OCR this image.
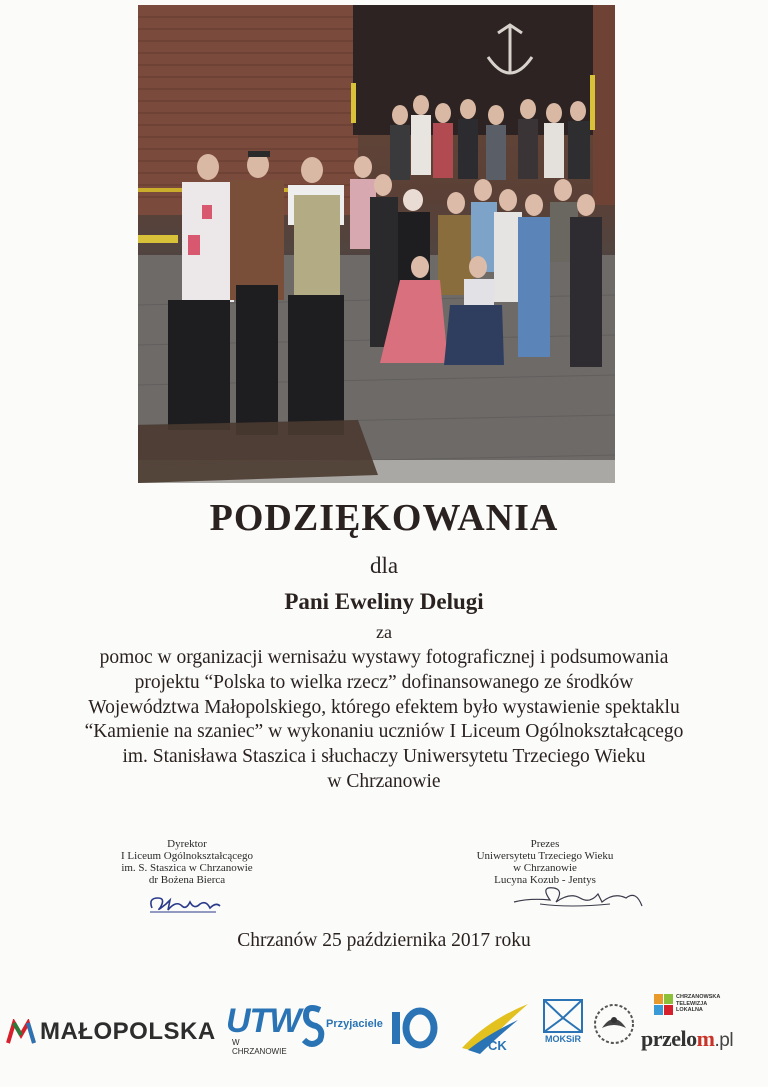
PODZIĘKOWANIA
dla
Pani Eweliny Delugi
za
pomoc w organizacji wernisażu wystawy fotograficznej i podsumowania
projektu “Polska to wielka rzecz” dofinansowanego ze środków
Województwa Małopolskiego, którego efektem było wystawienie spektaklu
“Kamienie na szaniec” w wykonaniu uczniów I Liceum Ogólnokształcącego
im. Stanisława Staszica i słuchaczy Uniwersytetu Trzeciego Wieku
w Chrzanowie
Dyrektor
I Liceum Ogólnokształcącego
im. S. Staszica w Chrzanowie
dr Bożena Bierca
Prezes
Uniwersytetu Trzeciego Wieku
w Chrzanowie
Lucyna Kozub - Jentys
Chrzanów 25 października 2017 roku
MAŁOPOLSKA UTW
W CHRZANOWIE
Przyjaciele
CK	MOKSiR
CHRZANOWSKA
TELEWIZJA
LOKALNA
przelom.pl
